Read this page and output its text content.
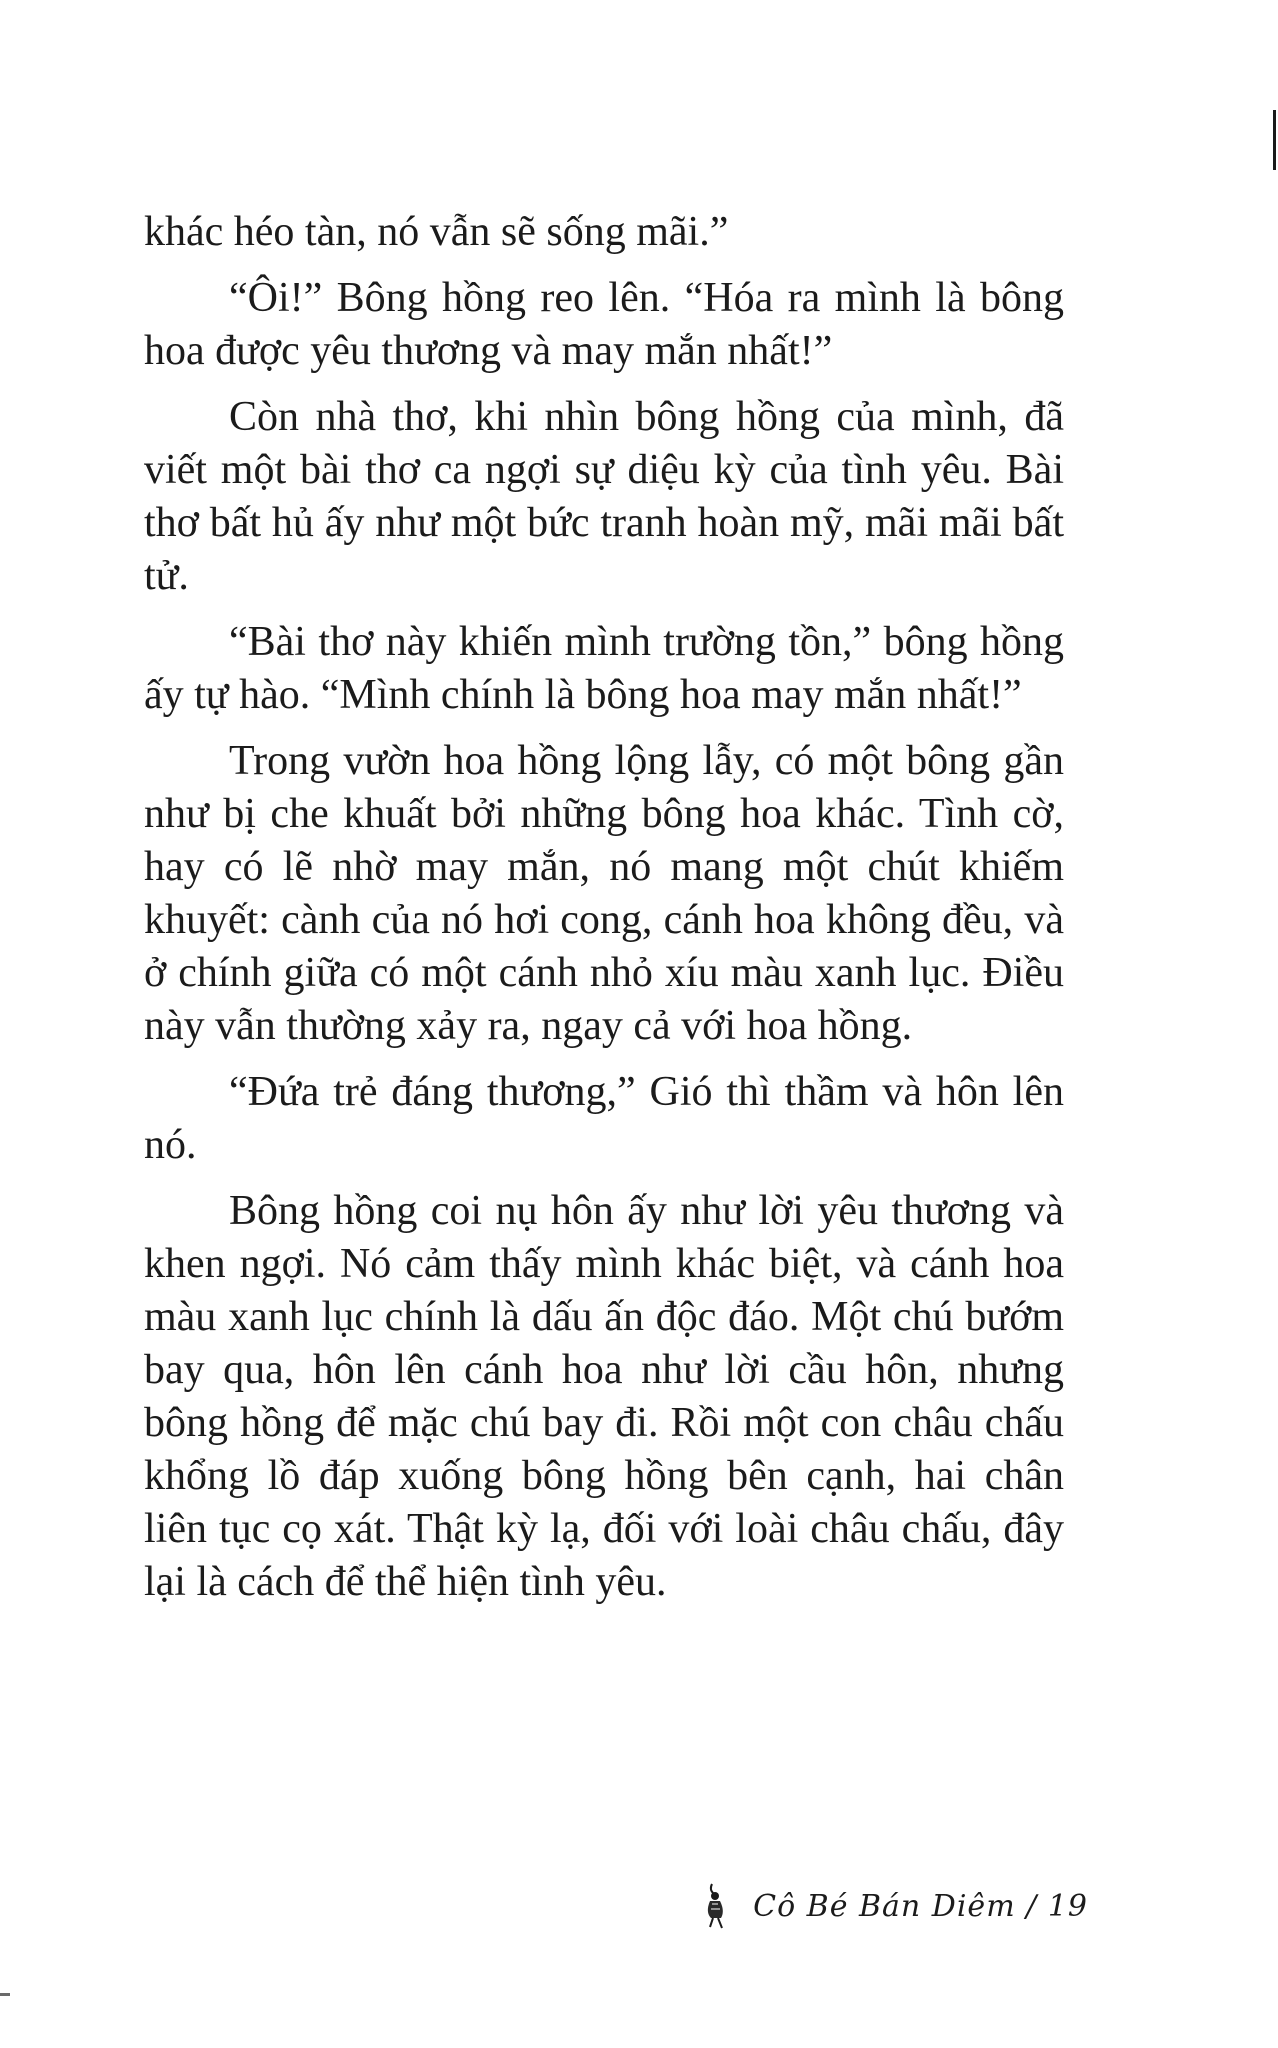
khác héo tàn, nó vẫn sẽ sống mãi.”

“Ôi!” Bông hồng reo lên. “Hóa ra mình là bông hoa được yêu thương và may mắn nhất!”

Còn nhà thơ, khi nhìn bông hồng của mình, đã viết một bài thơ ca ngợi sự diệu kỳ của tình yêu. Bài thơ bất hủ ấy như một bức tranh hoàn mỹ, mãi mãi bất tử.

“Bài thơ này khiến mình trường tồn,” bông hồng ấy tự hào. “Mình chính là bông hoa may mắn nhất!”

Trong vườn hoa hồng lộng lẫy, có một bông gần như bị che khuất bởi những bông hoa khác. Tình cờ, hay có lẽ nhờ may mắn, nó mang một chút khiếm khuyết: cành của nó hơi cong, cánh hoa không đều, và ở chính giữa có một cánh nhỏ xíu màu xanh lục. Điều này vẫn thường xảy ra, ngay cả với hoa hồng.

“Đứa trẻ đáng thương,” Gió thì thầm và hôn lên nó.

Bông hồng coi nụ hôn ấy như lời yêu thương và khen ngợi. Nó cảm thấy mình khác biệt, và cánh hoa màu xanh lục chính là dấu ấn độc đáo. Một chú bướm bay qua, hôn lên cánh hoa như lời cầu hôn, nhưng bông hồng để mặc chú bay đi. Rồi một con châu chấu khổng lồ đáp xuống bông hồng bên cạnh, hai chân liên tục cọ xát. Thật kỳ lạ, đối với loài châu chấu, đây lại là cách để thể hiện tình yêu.

Cô Bé Bán Diêm / 19
